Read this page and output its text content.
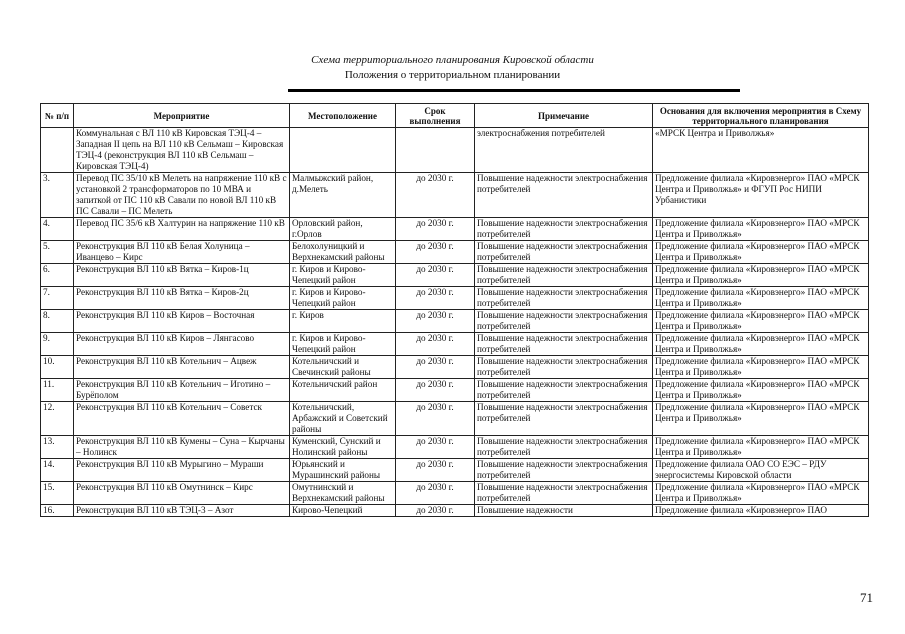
Схема территориального планирования Кировской области
Положения о территориальном планировании
№ п/п	Мероприятие	Местоположение	Срок выполнения	Примечание	Основания для включения мероприятия в Схему территориального планирования
	Коммунальная с ВЛ 110 кВ Кировская ТЭЦ-4 – Западная II цепь на ВЛ 110 кВ Сельмаш – Кировская ТЭЦ-4 (реконструкция ВЛ 110 кВ Сельмаш – Кировская ТЭЦ-4)			электроснабжения потребителей	«МРСК Центра и Приволжья»
3.	Перевод ПС 35/10 кВ Мелеть на напряжение 110 кВ с установкой 2 трансформаторов по 10 МВА и запиткой от ПС 110 кВ Савали по новой ВЛ 110 кВ ПС Савали – ПС Мелеть	Малмыжский район, д.Мелеть	до 2030 г.	Повышение надежности электроснабжения потребителей	Предложение филиала «Кировэнерго» ПАО «МРСК Центра и Приволжья» и ФГУП Рос НИПИ Урбанистики
4.	Перевод ПС 35/6 кВ Халтурин на напряжение 110 кВ	Орловский район, г.Орлов	до 2030 г.	Повышение надежности электроснабжения потребителей	Предложение филиала «Кировэнерго» ПАО «МРСК Центра и Приволжья»
5.	Реконструкция ВЛ 110 кВ Белая Холуница – Иванцево – Кирс	Белохолуницкий и Верхнекамский районы	до 2030 г.	Повышение надежности электроснабжения потребителей	Предложение филиала «Кировэнерго» ПАО «МРСК Центра и Приволжья»
6.	Реконструкция ВЛ 110 кВ Вятка – Киров-1ц	г. Киров и Кирово-Чепецкий район	до 2030 г.	Повышение надежности электроснабжения потребителей	Предложение филиала «Кировэнерго» ПАО «МРСК Центра и Приволжья»
7.	Реконструкция ВЛ 110 кВ Вятка – Киров-2ц	г. Киров и Кирово-Чепецкий район	до 2030 г.	Повышение надежности электроснабжения потребителей	Предложение филиала «Кировэнерго» ПАО «МРСК Центра и Приволжья»
8.	Реконструкция ВЛ 110 кВ Киров – Восточная	г. Киров	до 2030 г.	Повышение надежности электроснабжения потребителей	Предложение филиала «Кировэнерго» ПАО «МРСК Центра и Приволжья»
9.	Реконструкция ВЛ 110 кВ Киров – Лянгасово	г. Киров и Кирово-Чепецкий район	до 2030 г.	Повышение надежности электроснабжения потребителей	Предложение филиала «Кировэнерго» ПАО «МРСК Центра и Приволжья»
10.	Реконструкция ВЛ 110 кВ Котельнич – Ацвеж	Котельничский и Свечинский районы	до 2030 г.	Повышение надежности электроснабжения потребителей	Предложение филиала «Кировэнерго» ПАО «МРСК Центра и Приволжья»
11.	Реконструкция ВЛ 110 кВ Котельнич – Иготино – Бурёполом	Котельничский район	до 2030 г.	Повышение надежности электроснабжения потребителей	Предложение филиала «Кировэнерго» ПАО «МРСК Центра и Приволжья»
12.	Реконструкция ВЛ 110 кВ Котельнич – Советск	Котельничский, Арбажский и Советский районы	до 2030 г.	Повышение надежности электроснабжения потребителей	Предложение филиала «Кировэнерго» ПАО «МРСК Центра и Приволжья»
13.	Реконструкция ВЛ 110 кВ Кумены – Суна – Кырчаны – Нолинск	Куменский, Сунский и Нолинский районы	до 2030 г.	Повышение надежности электроснабжения потребителей	Предложение филиала «Кировэнерго» ПАО «МРСК Центра и Приволжья»
14.	Реконструкция ВЛ 110 кВ Мурыгино – Мураши	Юрьянский и Мурашинский районы	до 2030 г.	Повышение надежности электроснабжения потребителей	Предложение филиала ОАО СО ЕЭС – РДУ энергосистемы Кировской области
15.	Реконструкция ВЛ 110 кВ Омутнинск – Кирс	Омутнинский и Верхнекамский районы	до 2030 г.	Повышение надежности электроснабжения потребителей	Предложение филиала «Кировэнерго» ПАО «МРСК Центра и Приволжья»
16.	Реконструкция ВЛ 110 кВ ТЭЦ-3 – Азот	Кирово-Чепецкий	до 2030 г.	Повышение надежности	Предложение филиала «Кировэнерго» ПАО
71
